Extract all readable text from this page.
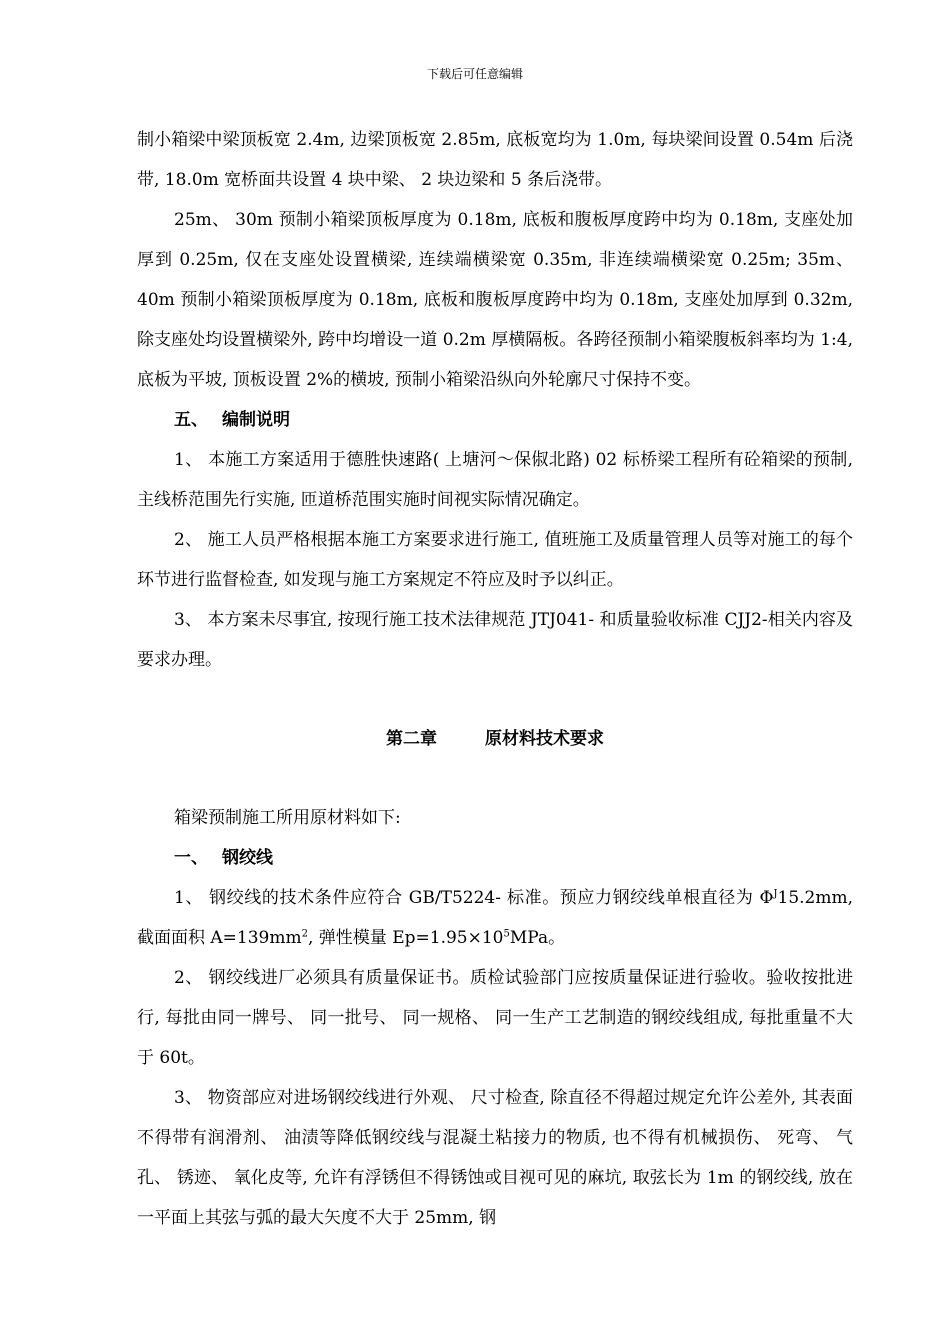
下载后可任意编辑

制小箱梁中梁顶板宽 2.4m, 边梁顶板宽 2.85m, 底板宽均为 1.0m, 每块梁间设置 0.54m 后浇带, 18.0m 宽桥面共设置 4 块中梁、 2 块边梁和 5 条后浇带。

25m、 30m 预制小箱梁顶板厚度为 0.18m, 底板和腹板厚度跨中均为 0.18m, 支座处加厚到 0.25m, 仅在支座处设置横梁, 连续端横梁宽 0.35m, 非连续端横梁宽 0.25m; 35m、 40m 预制小箱梁顶板厚度为 0.18m, 底板和腹板厚度跨中均为 0.18m, 支座处加厚到 0.32m, 除支座处均设置横梁外, 跨中均增设一道 0.2m 厚横隔板。各跨径预制小箱梁腹板斜率均为 1:4, 底板为平坡, 顶板设置 2%的横坡, 预制小箱梁沿纵向外轮廓尺寸保持不变。

五、 编制说明

1、 本施工方案适用于德胜快速路( 上塘河～保俶北路) 02 标桥梁工程所有砼箱梁的预制, 主线桥范围先行实施, 匝道桥范围实施时间视实际情况确定。

2、 施工人员严格根据本施工方案要求进行施工, 值班施工及质量管理人员等对施工的每个环节进行监督检查, 如发现与施工方案规定不符应及时予以纠正。

3、 本方案未尽事宜, 按现行施工技术法律规范 JTJ041- 和质量验收标准 CJJ2-相关内容及要求办理。

第二章	原材料技术要求

箱梁预制施工所用原材料如下:

一、 钢绞线

1、 钢绞线的技术条件应符合 GB/T5224- 标准。预应力钢绞线单根直径为 $\Phi^J15.2mm$, 截面面积 $A=139mm^2$, 弹性模量 $Ep=1.95\times 10^5MPa$。

2、 钢绞线进厂必须具有质量保证书。质检试验部门应按质量保证进行验收。验收按批进行, 每批由同一牌号、 同一批号、 同一规格、 同一生产工艺制造的钢绞线组成, 每批重量不大于 60t。

3、 物资部应对进场钢绞线进行外观、 尺寸检查, 除直径不得超过规定允许公差外, 其表面不得带有润滑剂、 油渍等降低钢绞线与混凝土粘接力的物质, 也不得有机械损伤、 死弯、 气孔、 锈迹、 氧化皮等, 允许有浮锈但不得锈蚀或目视可见的麻坑, 取弦长为 1m 的钢绞线, 放在一平面上其弦与弧的最大矢度不大于 25mm, 钢
